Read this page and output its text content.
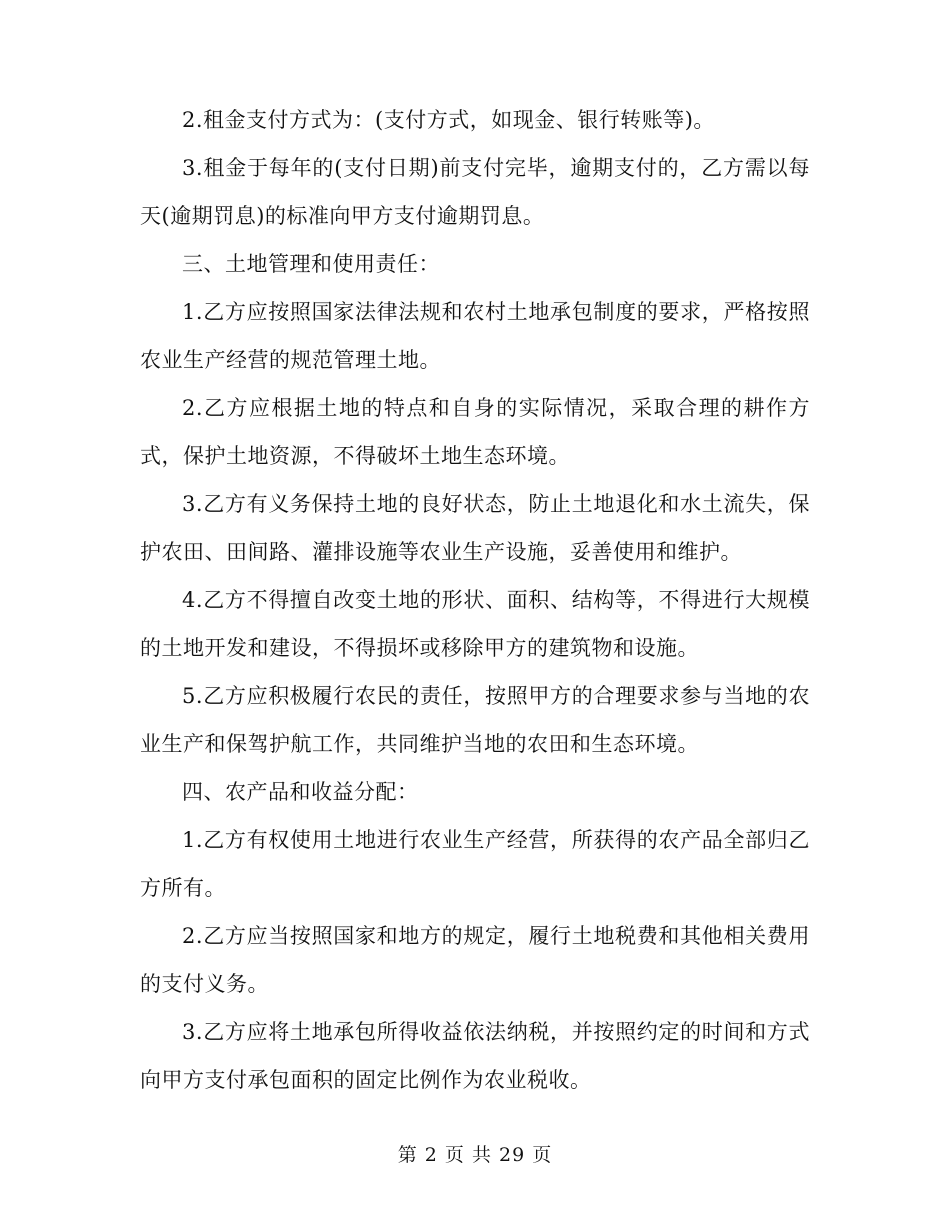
2.租金支付方式为：(支付方式，如现金、银行转账等)。

3.租金于每年的(支付日期)前支付完毕，逾期支付的，乙方需以每天(逾期罚息)的标准向甲方支付逾期罚息。

三、土地管理和使用责任：

1.乙方应按照国家法律法规和农村土地承包制度的要求，严格按照农业生产经营的规范管理土地。

2.乙方应根据土地的特点和自身的实际情况，采取合理的耕作方式，保护土地资源，不得破坏土地生态环境。

3.乙方有义务保持土地的良好状态，防止土地退化和水土流失，保护农田、田间路、灌排设施等农业生产设施，妥善使用和维护。

4.乙方不得擅自改变土地的形状、面积、结构等，不得进行大规模的土地开发和建设，不得损坏或移除甲方的建筑物和设施。

5.乙方应积极履行农民的责任，按照甲方的合理要求参与当地的农业生产和保驾护航工作，共同维护当地的农田和生态环境。

四、农产品和收益分配：

1.乙方有权使用土地进行农业生产经营，所获得的农产品全部归乙方所有。

2.乙方应当按照国家和地方的规定，履行土地税费和其他相关费用的支付义务。

3.乙方应将土地承包所得收益依法纳税，并按照约定的时间和方式向甲方支付承包面积的固定比例作为农业税收。

第 2 页 共 29 页
